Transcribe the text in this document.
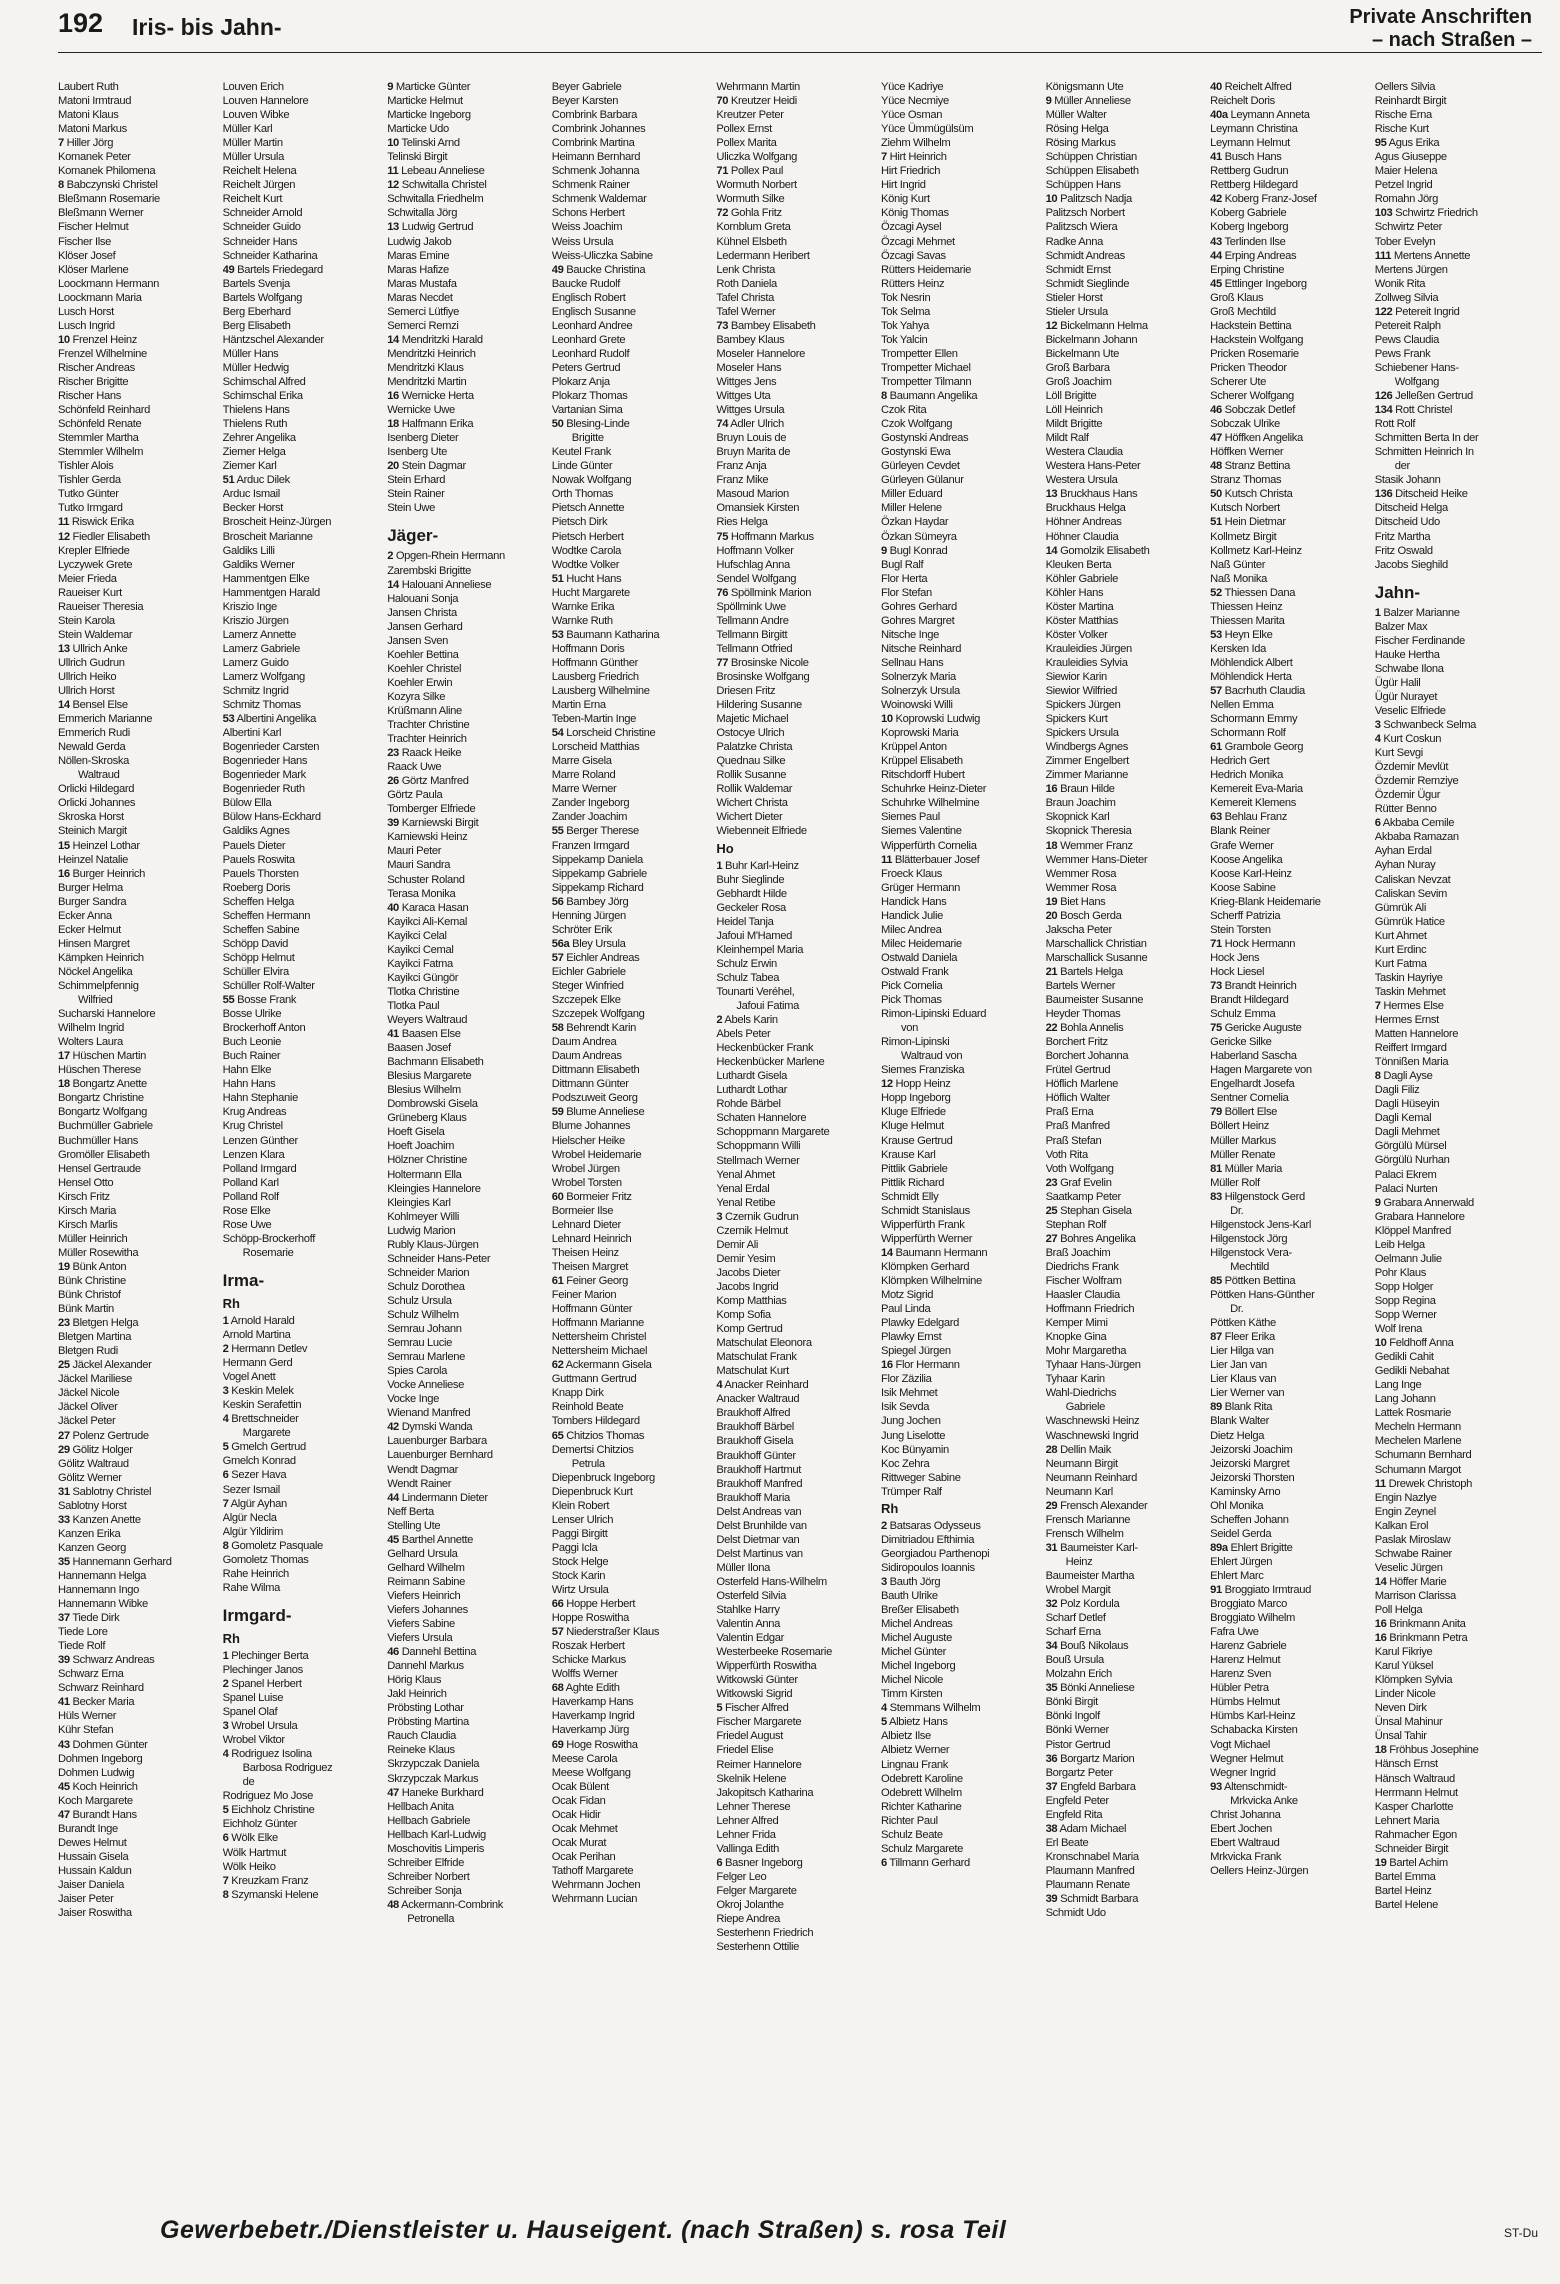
192 Iris- bis Jahn-	Private Anschriften
– nach Straßen –
Laubert Ruth
Matoni Irmtraud
Matoni Klaus
Matoni Markus
7 Hiller Jörg
Komanek Peter
Komanek Philomena
8 Babczynski Christel
Bleßmann Rosemarie
Bleßmann Werner
Fischer Helmut
Fischer Ilse
Klöser Josef
Klöser Marlene
Loockmann Hermann
Loockmann Maria
Lusch Horst
Lusch Ingrid
10 Frenzel Heinz
Frenzel Wilhelmine
Rischer Andreas
Rischer Brigitte
Rischer Hans
Schönfeld Reinhard
Schönfeld Renate
Stemmler Martha
Stemmler Wilhelm
Tishler Alois
Tishler Gerda
Tutko Günter
Tutko Irmgard
11 Riswick Erika
12 Fiedler Elisabeth
Krepler Elfriede
Lyczywek Grete
Meier Frieda
Raueiser Kurt
Raueiser Theresia
Stein Karola
Stein Waldemar
13 Ullrich Anke
Ullrich Gudrun
Ullrich Heiko
Ullrich Horst
14 Bensel Else
Emmerich Marianne
Emmerich Rudi
Newald Gerda
Nöllen-Skroska
Waltraud
Orlicki Hildegard
Orlicki Johannes
Skroska Horst
Steinich Margit
15 Heinzel Lothar
Heinzel Natalie
16 Burger Heinrich
Burger Helma
Burger Sandra
Ecker Anna
Ecker Helmut
Hinsen Margret
Kämpken Heinrich
Nöckel Angelika
Schimmelpfennig
Wilfried
Sucharski Hannelore
Wilhelm Ingrid
Wolters Laura
17 Hüschen Martin
Hüschen Therese
18 Bongartz Anette
Bongartz Christine
Bongartz Wolfgang
Buchmüller Gabriele
Buchmüller Hans
Gromöller Elisabeth
Hensel Gertraude
Hensel Otto
Kirsch Fritz
Kirsch Maria
Kirsch Marlis
Müller Heinrich
Müller Rosewitha
19 Bünk Anton
Bünk Christine
Bünk Christof
Bünk Martin
23 Bletgen Helga
Bletgen Martina
Bletgen Rudi
25 Jäckel Alexander
Jäckel Mariliese
Jäckel Nicole
Jäckel Oliver
Jäckel Peter
27 Polenz Gertrude
29 Gölitz Holger
Gölitz Waltraud
Gölitz Werner
31 Sablotny Christel
Sablotny Horst
33 Kanzen Anette
Kanzen Erika
Kanzen Georg
35 Hannemann Gerhard
Hannemann Helga
Hannemann Ingo
Hannemann Wibke
37 Tiede Dirk
Tiede Lore
Tiede Rolf
39 Schwarz Andreas
Schwarz Erna
Schwarz Reinhard
41 Becker Maria
Hüls Werner
Kühr Stefan
43 Dohmen Günter
Dohmen Ingeborg
Dohmen Ludwig
45 Koch Heinrich
Koch Margarete
47 Burandt Hans
Burandt Inge
Dewes Helmut
Hussain Gisela
Hussain Kaldun
Jaiser Daniela
Jaiser Peter
Jaiser Roswitha
Louven Erich
Louven Hannelore
Louven Wibke
Müller Karl
Müller Martin
Müller Ursula
Reichelt Helena
Reichelt Jürgen
Reichelt Kurt
Schneider Arnold
Schneider Guido
Schneider Hans
Schneider Katharina
49 Bartels Friedegard
Bartels Svenja
Bartels Wolfgang
Berg Eberhard
Berg Elisabeth
Häntzschel Alexander
Müller Hans
Müller Hedwig
Schimschal Alfred
Schimschal Erika
Thielens Hans
Thielens Ruth
Zehrer Angelika
Ziemer Helga
Ziemer Karl
51 Arduc Dilek
Arduc Ismail
Becker Horst
Broscheit Heinz-Jürgen
Broscheit Marianne
Galdiks Lilli
Galdiks Werner
Hammentgen Elke
Hammentgen Harald
Kriszio Inge
Kriszio Jürgen
Lamerz Annette
Lamerz Gabriele
Lamerz Guido
Lamerz Wolfgang
Schmitz Ingrid
Schmitz Thomas
53 Albertini Angelika
Albertini Karl
Bogenrieder Carsten
Bogenrieder Hans
Bogenrieder Mark
Bogenrieder Ruth
Bülow Ella
Bülow Hans-Eckhard
Galdiks Agnes
Pauels Dieter
Pauels Roswita
Pauels Thorsten
Roeberg Doris
Scheffen Helga
Scheffen Hermann
Scheffen Sabine
Schöpp David
Schöpp Helmut
Schüller Elvira
Schüller Rolf-Walter
55 Bosse Frank
Bosse Ulrike
Brockerhoff Anton
Buch Leonie
Buch Rainer
Hahn Elke
Hahn Hans
Hahn Stephanie
Krug Andreas
Krug Christel
Lenzen Günther
Lenzen Klara
Polland Irmgard
Polland Karl
Polland Rolf
Rose Elke
Rose Uwe
Schöpp-Brockerhoff
Rosemarie
Irma-
Rh
1 Arnold Harald
Arnold Martina
2 Hermann Detlev
Hermann Gerd
Vogel Anett
3 Keskin Melek
Keskin Serafettin
4 Brettschneider
Margarete
5 Gmelch Gertrud
Gmelch Konrad
6 Sezer Hava
Sezer Ismail
7 Algür Ayhan
Algür Necla
Algür Yildirim
8 Gomoletz Pasquale
Gomoletz Thomas
Rahe Heinrich
Rahe Wilma
Irmgard-
Rh
1 Plechinger Berta
Plechinger Janos
2 Spanel Herbert
Spanel Luise
Spanel Olaf
3 Wrobel Ursula
Wrobel Viktor
4 Rodriguez Isolina
Barbosa Rodriguez
de
Rodriguez Mo Jose
5 Eichholz Christine
Eichholz Günter
6 Wölk Elke
Wölk Hartmut
Wölk Heiko
7 Kreuzkam Franz
8 Szymanski Helene
9 Marticke Günter
Marticke Helmut
Marticke Ingeborg
Marticke Udo
10 Telinski Arnd
Telinski Birgit
11 Lebeau Anneliese
12 Schwitalla Christel
Schwitalla Friedhelm
Schwitalla Jörg
13 Ludwig Gertrud
Ludwig Jakob
Maras Emine
Maras Hafize
Maras Mustafa
Maras Necdet
Semerci Lütfiye
Semerci Remzi
14 Mendritzki Harald
Mendritzki Heinrich
Mendritzki Klaus
Mendritzki Martin
16 Wernicke Herta
Wernicke Uwe
18 Halfmann Erika
Isenberg Dieter
Isenberg Ute
20 Stein Dagmar
Stein Erhard
Stein Rainer
Stein Uwe
Jäger-
2 Opgen-Rhein Hermann
Zarembski Brigitte
14 Halouani Anneliese
Halouani Sonja
Jansen Christa
Jansen Gerhard
Jansen Sven
Koehler Bettina
Koehler Christel
Koehler Erwin
Kozyra Silke
Krüßmann Aline
Trachter Christine
Trachter Heinrich
23 Raack Heike
Raack Uwe
26 Görtz Manfred
Görtz Paula
Tomberger Elfriede
39 Karniewski Birgit
Karniewski Heinz
Mauri Peter
Mauri Sandra
Schuster Roland
Terasa Monika
40 Karaca Hasan
Kayikci Ali-Kemal
Kayikci Celal
Kayikci Cemal
Kayikci Fatma
Kayikci Güngör
Tlotka Christine
Tlotka Paul
Weyers Waltraud
41 Baasen Else
Baasen Josef
Bachmann Elisabeth
Blesius Margarete
Blesius Wilhelm
Dombrowski Gisela
Grüneberg Klaus
Hoeft Gisela
Hoeft Joachim
Hölzner Christine
Holtermann Ella
Kleingies Hannelore
Kleingies Karl
Kohlmeyer Willi
Ludwig Marion
Rubly Klaus-Jürgen
Schneider Hans-Peter
Schneider Marion
Schulz Dorothea
Schulz Ursula
Schulz Wilhelm
Semrau Johann
Semrau Lucie
Semrau Marlene
Spies Carola
Vocke Anneliese
Vocke Inge
Wienand Manfred
42 Dymski Wanda
Lauenburger Barbara
Lauenburger Bernhard
Wendt Dagmar
Wendt Rainer
44 Lindermann Dieter
Neff Berta
Stelling Ute
45 Barthel Annette
Gelhard Ursula
Gelhard Wilhelm
Reimann Sabine
Viefers Heinrich
Viefers Johannes
Viefers Sabine
Viefers Ursula
46 Dannehl Bettina
Dannehl Markus
Hörig Klaus
Jakl Heinrich
Pröbsting Lothar
Pröbsting Martina
Rauch Claudia
Reineke Klaus
Skrzypczak Daniela
Skrzypczak Markus
47 Haneke Burkhard
Hellbach Anita
Hellbach Gabriele
Hellbach Karl-Ludwig
Moschovitis Limperis
Schreiber Elfride
Schreiber Norbert
Schreiber Sonja
48 Ackermann-Combrink
Petronella
Beyer Gabriele
Beyer Karsten
Combrink Barbara
Combrink Johannes
Combrink Martina
Heimann Bernhard
Schmenk Johanna
Schmenk Rainer
Schmenk Waldemar
Schons Herbert
Weiss Joachim
Weiss Ursula
Weiss-Uliczka Sabine
49 Baucke Christina
Baucke Rudolf
Englisch Robert
Englisch Susanne
Leonhard Andree
Leonhard Grete
Leonhard Rudolf
Peters Gertrud
Plokarz Anja
Plokarz Thomas
Vartanian Sima
50 Blesing-Linde
Brigitte
Keutel Frank
Linde Günter
Nowak Wolfgang
Orth Thomas
Pietsch Annette
Pietsch Dirk
Pietsch Herbert
Wodtke Carola
Wodtke Volker
51 Hucht Hans
Hucht Margarete
Warnke Erika
Warnke Ruth
53 Baumann Katharina
Hoffmann Doris
Hoffmann Günther
Lausberg Friedrich
Lausberg Wilhelmine
Martin Erna
Teben-Martin Inge
54 Lorscheid Christine
Lorscheid Matthias
Marre Gisela
Marre Roland
Marre Werner
Zander Ingeborg
Zander Joachim
55 Berger Therese
Franzen Irmgard
Sippekamp Daniela
Sippekamp Gabriele
Sippekamp Richard
56 Bambey Jörg
Henning Jürgen
Schröter Erik
56a Bley Ursula
57 Eichler Andreas
Eichler Gabriele
Steger Winfried
Szczepek Elke
Szczepek Wolfgang
58 Behrendt Karin
Daum Andrea
Daum Andreas
Dittmann Elisabeth
Dittmann Günter
Podszuweit Georg
59 Blume Anneliese
Blume Johannes
Hielscher Heike
Wrobel Heidemarie
Wrobel Jürgen
Wrobel Torsten
60 Bormeier Fritz
Bormeier Ilse
Lehnard Dieter
Lehnard Heinrich
Theisen Heinz
Theisen Margret
61 Feiner Georg
Feiner Marion
Hoffmann Günter
Hoffmann Marianne
Nettersheim Christel
Nettersheim Michael
62 Ackermann Gisela
Guttmann Gertrud
Knapp Dirk
Reinhold Beate
Tombers Hildegard
65 Chitzios Thomas
Demertsi Chitzios
Petrula
Diepenbruck Ingeborg
Diepenbruck Kurt
Klein Robert
Lenser Ulrich
Paggi Birgitt
Paggi Icla
Stock Helge
Stock Karin
Wirtz Ursula
66 Hoppe Herbert
Hoppe Roswitha
57 Niederstraßer Klaus
Roszak Herbert
Schicke Markus
Wolffs Werner
68 Aghte Edith
Haverkamp Hans
Haverkamp Ingrid
Haverkamp Jürg
69 Hoge Roswitha
Meese Carola
Meese Wolfgang
Ocak Bülent
Ocak Fidan
Ocak Hidir
Ocak Mehmet
Ocak Murat
Ocak Perihan
Tathoff Margarete
Wehrmann Jochen
Wehrmann Lucian
Wehrmann Martin
70 Kreutzer Heidi
Kreutzer Peter
Pollex Ernst
Pollex Marita
Uliczka Wolfgang
71 Pollex Paul
Wormuth Norbert
Wormuth Silke
72 Gohla Fritz
Kornblum Greta
Kühnel Elsbeth
Ledermann Heribert
Lenk Christa
Roth Daniela
Tafel Christa
Tafel Werner
73 Bambey Elisabeth
Bambey Klaus
Moseler Hannelore
Moseler Hans
Wittges Jens
Wittges Uta
Wittges Ursula
74 Adler Ulrich
Bruyn Louis de
Bruyn Marita de
Franz Anja
Franz Mike
Masoud Marion
Omansiek Kirsten
Ries Helga
75 Hoffmann Markus
Hoffmann Volker
Hufschlag Anna
Sendel Wolfgang
76 Spöllmink Marion
Spöllmink Uwe
Tellmann Andre
Tellmann Birgitt
Tellmann Otfried
77 Brosinske Nicole
Brosinske Wolfgang
Driesen Fritz
Hildering Susanne
Majetic Michael
Ostocye Ulrich
Palatzke Christa
Quednau Silke
Rollik Susanne
Rollik Waldemar
Wichert Christa
Wichert Dieter
Wiebenneit Elfriede
Ho
1 Buhr Karl-Heinz
Buhr Sieglinde
Gebhardt Hilde
Geckeler Rosa
Heidel Tanja
Jafoui M'Hamed
Kleinhempel Maria
Schulz Erwin
Schulz Tabea
Tounarti Veréhel,
Jafoui Fatima
2 Abels Karin
Abels Peter
Heckenbücker Frank
Heckenbücker Marlene
Luthardt Gisela
Luthardt Lothar
Rohde Bärbel
Schaten Hannelore
Schoppmann Margarete
Schoppmann Willi
Stellmach Werner
Yenal Ahmet
Yenal Erdal
Yenal Retibe
3 Czernik Gudrun
Czernik Helmut
Demir Ali
Demir Yesim
Jacobs Dieter
Jacobs Ingrid
Komp Matthias
Komp Sofia
Komp Gertrud
Matschulat Eleonora
Matschulat Frank
Matschulat Kurt
4 Anacker Reinhard
Anacker Waltraud
Braukhoff Alfred
Braukhoff Bärbel
Braukhoff Gisela
Braukhoff Günter
Braukhoff Hartmut
Braukhoff Manfred
Braukhoff Maria
Delst Andreas van
Delst Brunhilde van
Delst Dietmar van
Delst Martinus van
Müller Ilona
Osterfeld Hans-Wilhelm
Osterfeld Silvia
Stahlke Harry
Valentin Anna
Valentin Edgar
Westerbeeke Rosemarie
Wipperfürth Roswitha
Witkowski Günter
Witkowski Sigrid
5 Fischer Alfred
Fischer Margarete
Friedel August
Friedel Elise
Reimer Hannelore
Skelnik Helene
Jakopitsch Katharina
Lehner Therese
Lehner Alfred
Lehner Frida
Vallinga Edith
6 Basner Ingeborg
Felger Leo
Felger Margarete
Okroj Jolanthe
Riepe Andrea
Sesterhenn Friedrich
Sesterhenn Ottilie
Yüce Kadriye
Yüce Necmiye
Yüce Osman
Yüce Ümmügülsüm
Ziehm Wilhelm
7 Hirt Heinrich
Hirt Friedrich
Hirt Ingrid
König Kurt
König Thomas
Özcagi Aysel
Özcagi Mehmet
Özcagi Savas
Rütters Heidemarie
Rütters Heinz
Tok Nesrin
Tok Selma
Tok Yahya
Tok Yalcin
Trompetter Ellen
Trompetter Michael
Trompetter Tilmann
8 Baumann Angelika
Czok Rita
Czok Wolfgang
Gostynski Andreas
Gostynski Ewa
Gürleyen Cevdet
Gürleyen Gülanur
Miller Eduard
Miller Helene
Özkan Haydar
Özkan Sümeyra
9 Bugl Konrad
Bugl Ralf
Flor Herta
Flor Stefan
Gohres Gerhard
Gohres Margret
Nitsche Inge
Nitsche Reinhard
Sellnau Hans
Solnerzyk Maria
Solnerzyk Ursula
Woinowski Willi
10 Koprowski Ludwig
Koprowski Maria
Krüppel Anton
Krüppel Elisabeth
Ritschdorff Hubert
Schuhrke Heinz-Dieter
Schuhrke Wilhelmine
Siemes Paul
Siemes Valentine
Wipperfürth Cornelia
11 Blätterbauer Josef
Froeck Klaus
Grüger Hermann
Handick Hans
Handick Julie
Milec Andrea
Milec Heidemarie
Ostwald Daniela
Ostwald Frank
Pick Cornelia
Pick Thomas
Rimon-Lipinski Eduard
von
Rimon-Lipinski
Waltraud von
Siemes Franziska
12 Hopp Heinz
Hopp Ingeborg
Kluge Elfriede
Kluge Helmut
Krause Gertrud
Krause Karl
Pittlik Gabriele
Pittlik Richard
Schmidt Elly
Schmidt Stanislaus
Wipperfürth Frank
Wipperfürth Werner
14 Baumann Hermann
Klömpken Gerhard
Klömpken Wilhelmine
Motz Sigrid
Paul Linda
Plawky Edelgard
Plawky Ernst
Spiegel Jürgen
16 Flor Hermann
Flor Zäzilia
Isik Mehmet
Isik Sevda
Jung Jochen
Jung Liselotte
Koc Bünyamin
Koc Zehra
Rittweger Sabine
Trümper Ralf
Rh
2 Batsaras Odysseus
Dimitriadou Efthimia
Georgiadou Parthenopi
Sidiropoulos Ioannis
3 Bauth Jörg
Bauth Ulrike
Breßer Elisabeth
Michel Andreas
Michel Auguste
Michel Günter
Michel Ingeborg
Michel Nicole
Timm Kirsten
4 Stemmans Wilhelm
5 Albietz Hans
Albietz Ilse
Albietz Werner
Lingnau Frank
Odebrett Karoline
Odebrett Wilhelm
Richter Katharine
Richter Paul
Schulz Beate
Schulz Margarete
6 Tillmann Gerhard
Königsmann Ute
9 Müller Anneliese
Müller Walter
Rösing Helga
Rösing Markus
Schüppen Christian
Schüppen Elisabeth
Schüppen Hans
10 Palitzsch Nadja
Palitzsch Norbert
Palitzsch Wiera
Radke Anna
Schmidt Andreas
Schmidt Ernst
Schmidt Sieglinde
Stieler Horst
Stieler Ursula
12 Bickelmann Helma
Bickelmann Johann
Bickelmann Ute
Groß Barbara
Groß Joachim
Löll Brigitte
Löll Heinrich
Mildt Brigitte
Mildt Ralf
Westera Claudia
Westera Hans-Peter
Westera Ursula
13 Bruckhaus Hans
Bruckhaus Helga
Höhner Andreas
Höhner Claudia
14 Gomolzik Elisabeth
Kleuken Berta
Köhler Gabriele
Köhler Hans
Köster Martina
Köster Matthias
Köster Volker
Krauleidies Jürgen
Krauleidies Sylvia
Siewior Karin
Siewior Wilfried
Spickers Jürgen
Spickers Kurt
Spickers Ursula
Windbergs Agnes
Zimmer Engelbert
Zimmer Marianne
16 Braun Hilde
Braun Joachim
Skopnick Karl
Skopnick Theresia
18 Wemmer Franz
Wemmer Hans-Dieter
Wemmer Rosa
Wemmer Rosa
19 Biet Hans
20 Bosch Gerda
Jakscha Peter
Marschallick Christian
Marschallick Susanne
21 Bartels Helga
Bartels Werner
Baumeister Susanne
Heyder Thomas
22 Bohla Annelis
Borchert Fritz
Borchert Johanna
Frütel Gertrud
Höflich Marlene
Höflich Walter
Praß Erna
Praß Manfred
Praß Stefan
Voth Rita
Voth Wolfgang
23 Graf Evelin
Saatkamp Peter
25 Stephan Gisela
Stephan Rolf
27 Bohres Angelika
Braß Joachim
Diedrichs Frank
Fischer Wolfram
Haasler Claudia
Hoffmann Friedrich
Kemper Mimi
Knopke Gina
Mohr Margaretha
Tyhaar Hans-Jürgen
Tyhaar Karin
Wahl-Diedrichs
Gabriele
Waschnewski Heinz
Waschnewski Ingrid
28 Dellin Maik
Neumann Birgit
Neumann Reinhard
Neumann Karl
29 Frensch Alexander
Frensch Marianne
Frensch Wilhelm
31 Baumeister Karl-
Heinz
Baumeister Martha
Wrobel Margit
32 Polz Kordula
Scharf Detlef
Scharf Erna
34 Bouß Nikolaus
Bouß Ursula
Molzahn Erich
35 Bönki Anneliese
Bönki Birgit
Bönki Ingolf
Bönki Werner
Pistor Gertrud
36 Borgartz Marion
Borgartz Peter
37 Engfeld Barbara
Engfeld Peter
Engfeld Rita
38 Adam Michael
Erl Beate
Kronschnabel Maria
Plaumann Manfred
Plaumann Renate
39 Schmidt Barbara
Schmidt Udo
40 Reichelt Alfred
Reichelt Doris
40a Leymann Anneta
Leymann Christina
Leymann Helmut
41 Busch Hans
Rettberg Gudrun
Rettberg Hildegard
42 Koberg Franz-Josef
Koberg Gabriele
Koberg Ingeborg
43 Terlinden Ilse
44 Erping Andreas
Erping Christine
45 Ettlinger Ingeborg
Groß Klaus
Groß Mechtild
Hackstein Bettina
Hackstein Wolfgang
Pricken Rosemarie
Pricken Theodor
Scherer Ute
Scherer Wolfgang
46 Sobczak Detlef
Sobczak Ulrike
47 Höffken Angelika
Höffken Werner
48 Stranz Bettina
Stranz Thomas
50 Kutsch Christa
Kutsch Norbert
51 Hein Dietmar
Kollmetz Birgit
Kollmetz Karl-Heinz
Naß Günter
Naß Monika
52 Thiessen Dana
Thiessen Heinz
Thiessen Marita
53 Heyn Elke
Kersken Ida
Möhlendick Albert
Möhlendick Herta
57 Bacrhuth Claudia
Nellen Emma
Schormann Emmy
Schormann Rolf
61 Grambole Georg
Hedrich Gert
Hedrich Monika
Kemereit Eva-Maria
Kemereit Klemens
63 Behlau Franz
Blank Reiner
Grafe Werner
Koose Angelika
Koose Karl-Heinz
Koose Sabine
Krieg-Blank Heidemarie
Scherff Patrizia
Stein Torsten
71 Hock Hermann
Hock Jens
Hock Liesel
73 Brandt Heinrich
Brandt Hildegard
Schulz Emma
75 Gericke Auguste
Gericke Silke
Haberland Sascha
Hagen Margarete von
Engelhardt Josefa
Sentner Cornelia
79 Böllert Else
Böllert Heinz
Müller Markus
Müller Renate
81 Müller Maria
Müller Rolf
83 Hilgenstock Gerd
Dr.
Hilgenstock Jens-Karl
Hilgenstock Jörg
Hilgenstock Vera-
Mechtild
85 Pöttken Bettina
Pöttken Hans-Günther
Dr.
Pöttken Käthe
87 Fleer Erika
Lier Hilga van
Lier Jan van
Lier Klaus van
Lier Werner van
89 Blank Rita
Blank Walter
Dietz Helga
Jeizorski Joachim
Jeizorski Margret
Jeizorski Thorsten
Kaminsky Arno
Ohl Monika
Scheffen Johann
Seidel Gerda
89a Ehlert Brigitte
Ehlert Jürgen
Ehlert Marc
91 Broggiato Irmtraud
Broggiato Marco
Broggiato Wilhelm
Fafra Uwe
Harenz Gabriele
Harenz Helmut
Harenz Sven
Hübler Petra
Hümbs Helmut
Hümbs Karl-Heinz
Schabacka Kirsten
Vogt Michael
Wegner Helmut
Wegner Ingrid
93 Altenschmidt-
Mrkvicka Anke
Christ Johanna
Ebert Jochen
Ebert Waltraud
Mrkvicka Frank
Oellers Heinz-Jürgen
Oellers Silvia
Reinhardt Birgit
Rische Erna
Rische Kurt
95 Agus Erika
Agus Giuseppe
Maier Helena
Petzel Ingrid
Romahn Jörg
103 Schwirtz Friedrich
Schwirtz Peter
Tober Evelyn
111 Mertens Annette
Mertens Jürgen
Wonik Rita
Zollweg Silvia
122 Petereit Ingrid
Petereit Ralph
Pews Claudia
Pews Frank
Schiebener Hans-
Wolfgang
126 Jelleßen Gertrud
134 Rott Christel
Rott Rolf
Schmitten Berta In der
Schmitten Heinrich In
der
Stasik Johann
136 Ditscheid Heike
Ditscheid Helga
Ditscheid Udo
Fritz Martha
Fritz Oswald
Jacobs Sieghild
Jahn-
1 Balzer Marianne
Balzer Max
Fischer Ferdinande
Hauke Hertha
Schwabe Ilona
Ügür Halil
Ügür Nurayet
Veselic Elfriede
3 Schwanbeck Selma
4 Kurt Coskun
Kurt Sevgi
Özdemir Mevlüt
Özdemir Remziye
Özdemir Ügur
Rütter Benno
6 Akbaba Cemile
Akbaba Ramazan
Ayhan Erdal
Ayhan Nuray
Caliskan Nevzat
Caliskan Sevim
Gümrük Ali
Gümrük Hatice
Kurt Ahmet
Kurt Erdinc
Kurt Fatma
Taskin Hayriye
Taskin Mehmet
7 Hermes Else
Hermes Ernst
Matten Hannelore
Reiffert Irmgard
Tönnißen Maria
8 Dagli Ayse
Dagli Filiz
Dagli Hüseyin
Dagli Kemal
Dagli Mehmet
Görgülü Mürsel
Görgülü Nurhan
Palaci Ekrem
Palaci Nurten
9 Grabara Annerwald
Grabara Hannelore
Klöppel Manfred
Leib Helga
Oelmann Julie
Pohr Klaus
Sopp Holger
Sopp Regina
Sopp Werner
Wolf Irena
10 Feldhoff Anna
Gedikli Cahit
Gedikli Nebahat
Lang Inge
Lang Johann
Lattek Rosmarie
Mecheln Hermann
Mechelen Marlene
Schumann Bernhard
Schumann Margot
11 Drewek Christoph
Engin Nazlye
Engin Zeynel
Kalkan Erol
Paslak Miroslaw
Schwabe Rainer
Veselic Jürgen
14 Höffer Marie
Marrison Clarissa
Poll Helga
16 Brinkmann Anita
16 Brinkmann Petra
Karul Fikriye
Karul Yüksel
Klömpken Sylvia
Linder Nicole
Neven Dirk
Ünsal Mahinur
Ünsal Tahir
18 Fröhbus Josephine
Hänsch Ernst
Hänsch Waltraud
Herrmann Helmut
Kasper Charlotte
Lehnert Maria
Rahmacher Egon
Schneider Birgit
19 Bartel Achim
Bartel Emma
Bartel Heinz
Bartel Helene
Gewerbebetr./Dienstleister u. Hauseigent. (nach Straßen) s. rosa Teil	ST-Du
